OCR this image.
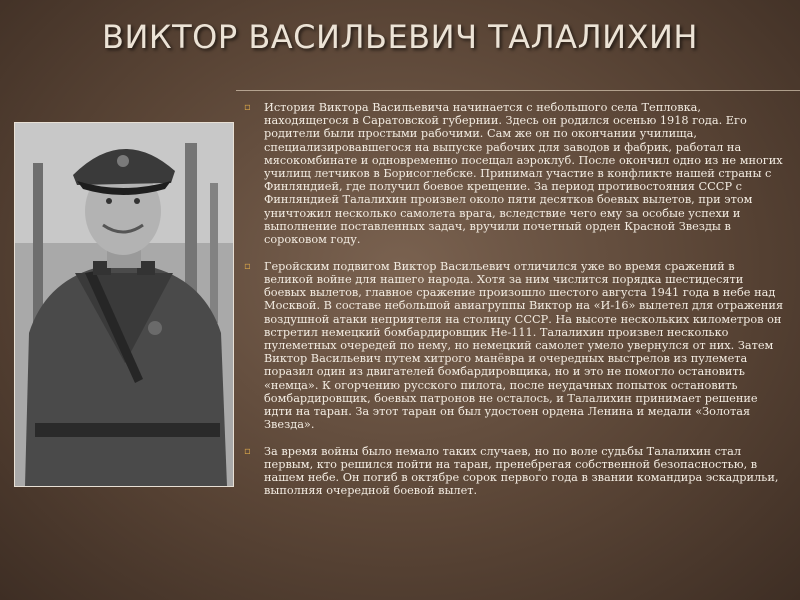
ВИКТОР ВАСИЛЬЕВИЧ ТАЛАЛИХИН
▫ История Виктора Васильевича начинается с небольшого села Тепловка, находящегося в Саратовской губернии. Здесь он родился осенью 1918 года. Его родители были простыми рабочими. Сам же он по окончании училища, специализировавшегося на выпуске рабочих для заводов и фабрик, работал на мясокомбинате и одновременно посещал аэроклуб. После окончил одно из не многих училищ летчиков в Борисоглебске. Принимал участие в конфликте нашей страны с Финляндией, где получил боевое крещение. За период противостояния СССР с Финляндией Талалихин произвел около пяти десятков боевых вылетов, при этом уничтожил несколько самолета врага, вследствие чего ему за особые успехи и выполнение поставленных задач, вручили почетный орден Красной Звезды в сороковом году.
▫ Геройским подвигом Виктор Васильевич отличился уже во время сражений в великой войне для нашего народа. Хотя за ним числится порядка шестидесяти боевых вылетов, главное сражение произошло шестого августа 1941 года в небе над Москвой. В составе небольшой авиагруппы Виктор на «И-16» вылетел для отражения воздушной атаки неприятеля на столицу СССР. На высоте нескольких километров он встретил немецкий бомбардировщик Не-111. Талалихин произвел несколько пулеметных очередей по нему, но немецкий самолет умело увернулся от них. Затем Виктор Васильевич путем хитрого манёвра и очередных выстрелов из пулемета поразил один из двигателей бомбардировщика, но и это не помогло остановить «немца». К огорчению русского пилота, после неудачных попыток остановить бомбардировщик, боевых патронов не осталось, и Талалихин принимает решение идти на таран. За этот таран он был удостоен ордена Ленина и медали «Золотая Звезда».
▫ За время войны было немало таких случаев, но по воле судьбы Талалихин стал первым, кто решился пойти на таран, пренебрегая собственной безопасностью, в нашем небе. Он погиб в октябре сорок первого года в звании командира эскадрильи, выполняя очередной боевой вылет.
